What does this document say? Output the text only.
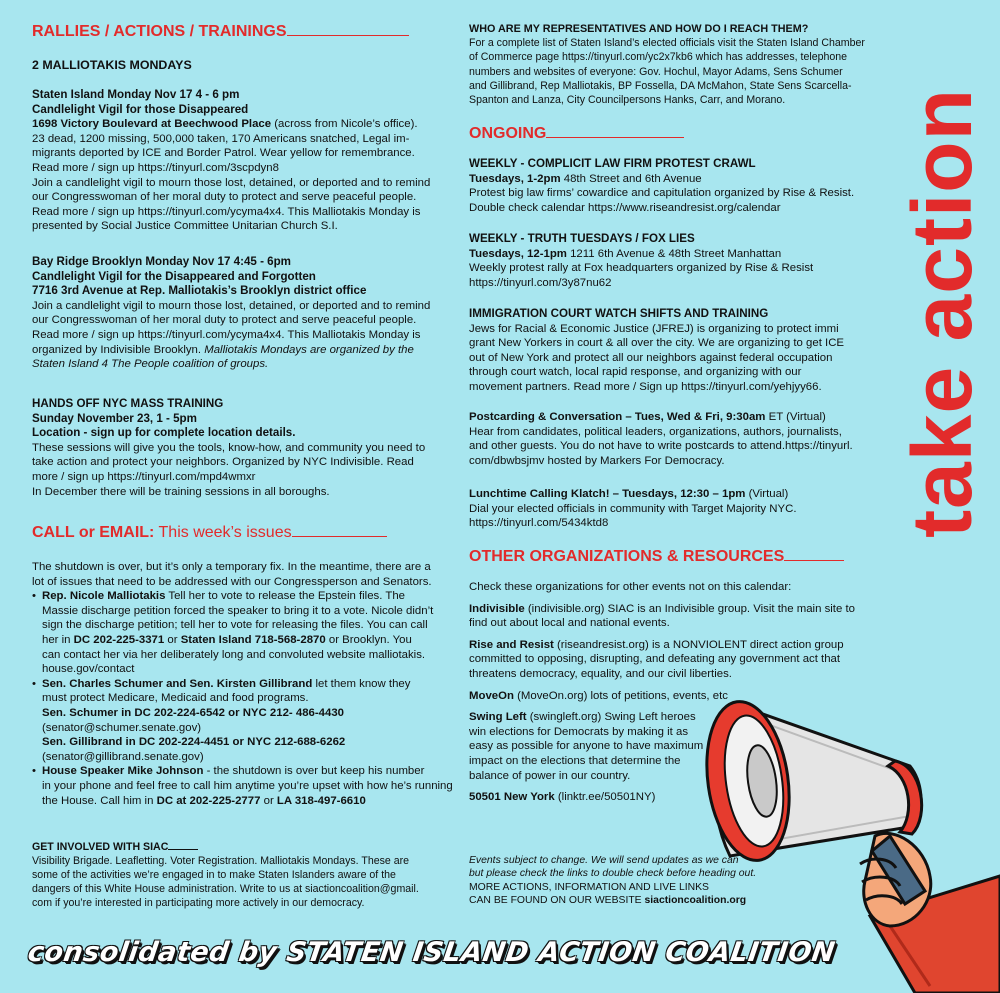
RALLIES / ACTIONS / TRAININGS
2 MALLIOTAKIS MONDAYS
Staten Island Monday Nov 17 4 - 6 pm
Candlelight Vigil for those Disappeared
1698 Victory Boulevard at Beechwood Place (across from Nicole’s office).
23 dead, 1200 missing, 500,000 taken, 170 Americans snatched, Legal im-
migrants deported by ICE and Border Patrol. Wear yellow for remembrance.
Read more / sign up https://tinyurl.com/3scpdyn8
Join a candlelight vigil to mourn those lost, detained, or deported and to remind
our Congresswoman of her moral duty to protect and serve peaceful people.
Read more / sign up https://tinyurl.com/ycyma4x4. This Malliotakis Monday is
presented by Social Justice Committee Unitarian Church S.I.
Bay Ridge Brooklyn Monday Nov 17 4:45 - 6pm
Candlelight Vigil for the Disappeared and Forgotten
7716 3rd Avenue at Rep. Malliotakis’s Brooklyn district office
Join a candlelight vigil to mourn those lost, detained, or deported and to remind
our Congresswoman of her moral duty to protect and serve peaceful people.
Read more / sign up https://tinyurl.com/ycyma4x4. This Malliotakis Monday is
organized by Indivisible Brooklyn. Malliotakis Mondays are organized by the
Staten Island 4 The People coalition of groups.
HANDS OFF NYC MASS TRAINING
Sunday November 23, 1 - 5pm
Location - sign up for complete location details.
These sessions will give you the tools, know-how, and community you need to
take action and protect your neighbors. Organized by NYC Indivisible. Read
more / sign up https://tinyurl.com/mpd4wmxr
In December there will be training sessions in all boroughs.
CALL or EMAIL: This week’s issues
The shutdown is over, but it’s only a temporary fix. In the meantime, there are a
lot of issues that need to be addressed with our Congressperson and Senators.
• Rep. Nicole Malliotakis Tell her to vote to release the Epstein files. The
Massie discharge petition forced the speaker to bring it to a vote. Nicole didn’t
sign the discharge petition; tell her to vote for releasing the files. You can call
her in DC 202-225-3371 or Staten Island 718-568-2870 or Brooklyn. You
can contact her via her deliberately long and convoluted website malliotakis.
house.gov/contact
• Sen. Charles Schumer and Sen. Kirsten Gillibrand let them know they
must protect Medicare, Medicaid and food programs.
Sen. Schumer in DC 202-224-6542 or NYC 212- 486-4430
(senator@schumer.senate.gov)
Sen. Gillibrand in DC 202-224-4451 or NYC 212-688-6262
(senator@gillibrand.senate.gov)
• House Speaker Mike Johnson - the shutdown is over but keep his number
in your phone and feel free to call him anytime you’re upset with how he’s running
the House. Call him in DC at 202-225-2777 or LA 318-497-6610
GET INVOLVED WITH SIAC
Visibility Brigade. Leafletting. Voter Registration. Malliotakis Mondays. These are
some of the activities we’re engaged in to make Staten Islanders aware of the
dangers of this White House administration. Write to us at siactioncoalition@gmail.
com if you’re interested in participating more actively in our democracy.
WHO ARE MY REPRESENTATIVES AND HOW DO I REACH THEM?
For a complete list of Staten Island’s elected officials visit the Staten Island Chamber
of Commerce page https://tinyurl.com/yc2x7kb6 which has addresses, telephone
numbers and websites of everyone: Gov. Hochul, Mayor Adams, Sens Schumer
and Gillibrand, Rep Malliotakis, BP Fossella, DA McMahon, State Sens Scarcella-
Spanton and Lanza, City Councilpersons Hanks, Carr, and Morano.
ONGOING
WEEKLY - COMPLICIT LAW FIRM PROTEST CRAWL
Tuesdays, 1-2pm 48th Street and 6th Avenue
Protest big law firms’ cowardice and capitulation organized by Rise & Resist.
Double check calendar https://www.riseandresist.org/calendar
WEEKLY - TRUTH TUESDAYS / FOX LIES
Tuesdays, 12-1pm 1211 6th Avenue & 48th Street Manhattan
Weekly protest rally at Fox headquarters organized by Rise & Resist
https://tinyurl.com/3y87nu62
IMMIGRATION COURT WATCH SHIFTS AND TRAINING
Jews for Racial & Economic Justice (JFREJ) is organizing to protect immi
grant New Yorkers in court & all over the city. We are organizing to get ICE
out of New York and protect all our neighbors against federal occupation
through court watch, local rapid response, and organizing with our
movement partners. Read more / Sign up https://tinyurl.com/yehjyy66.
Postcarding & Conversation – Tues, Wed & Fri, 9:30am ET (Virtual)
Hear from candidates, political leaders, organizations, authors, journalists,
and other guests. You do not have to write postcards to attend.https://tinyurl.
com/dbwbsjmv hosted by Markers For Democracy.
Lunchtime Calling Klatch! – Tuesdays, 12:30 – 1pm (Virtual)
Dial your elected officials in community with Target Majority NYC.
https://tinyurl.com/5434ktd8
OTHER ORGANIZATIONS & RESOURCES
Check these organizations for other events not on this calendar:
Indivisible (indivisible.org) SIAC is an Indivisible group. Visit the main site to
find out about local and national events.
Rise and Resist (riseandresist.org) is a NONVIOLENT direct action group
committed to opposing, disrupting, and defeating any government act that
threatens democracy, equality, and our civil liberties.
MoveOn (MoveOn.org) lots of petitions, events, etc
Swing Left (swingleft.org) Swing Left heroes
win elections for Democrats by making it as
easy as possible for anyone to have maximum
impact on the elections that determine the
balance of power in our country.
50501 New York (linktr.ee/50501NY)
Events subject to change. We will send updates as we can
but please check the links to double check before heading out.
MORE ACTIONS, INFORMATION AND LIVE LINKS
CAN BE FOUND ON OUR WEBSITE siactioncoalition.org
take action
consolidated by STATEN ISLAND ACTION COALITION
